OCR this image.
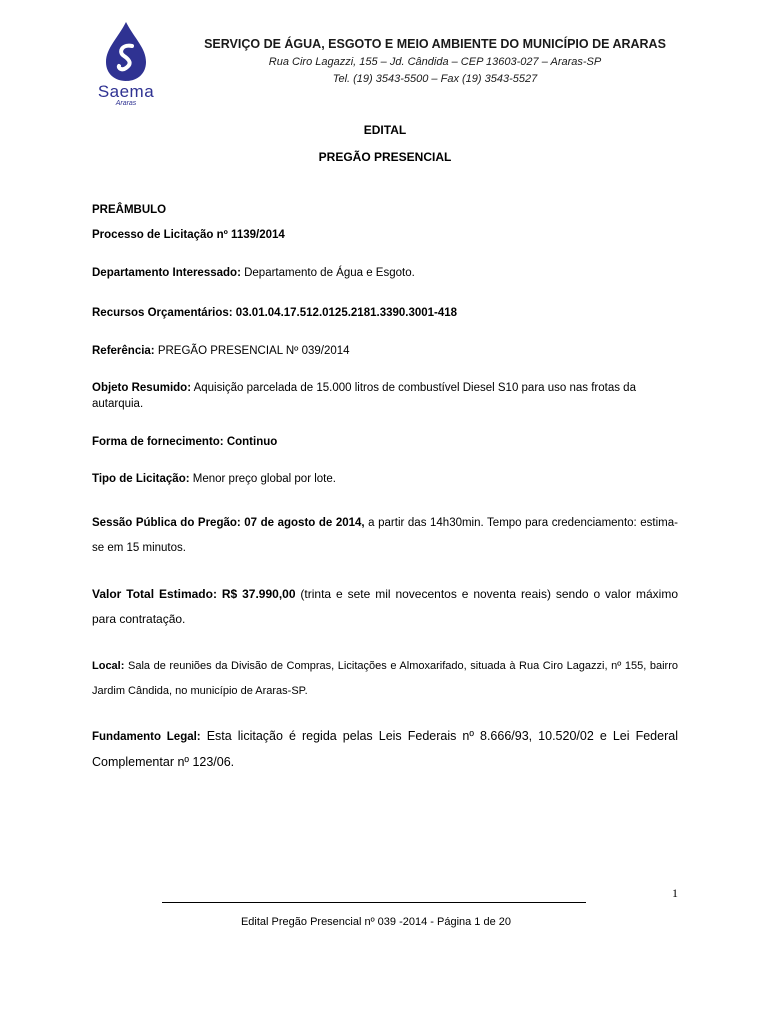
Saema
Araras
SERVIÇO DE ÁGUA, ESGOTO E MEIO AMBIENTE DO MUNICÍPIO DE ARARAS
Rua Ciro Lagazzi, 155 – Jd. Cândida – CEP 13603-027 – Araras-SP
Tel. (19) 3543-5500 – Fax (19) 3543-5527
EDITAL
PREGÃO PRESENCIAL
PREÂMBULO
Processo de Licitação nº 1139/2014
Departamento Interessado: Departamento de Água e Esgoto.
Recursos Orçamentários: 03.01.04.17.512.0125.2181.3390.3001-418
Referência: PREGÃO PRESENCIAL Nº 039/2014
Objeto Resumido: Aquisição parcelada de 15.000 litros de combustível Diesel S10 para uso nas frotas da autarquia.
Forma de fornecimento: Continuo
Tipo de Licitação: Menor preço global por lote.
Sessão Pública do Pregão: 07 de agosto de 2014, a partir das 14h30min. Tempo para credenciamento: estima-se em 15 minutos.
Valor Total Estimado: R$ 37.990,00 (trinta e sete mil novecentos e noventa reais) sendo o valor máximo para contratação.
Local: Sala de reuniões da Divisão de Compras, Licitações e Almoxarifado, situada à Rua Ciro Lagazzi, nº 155, bairro Jardim Cândida, no município de Araras-SP.
Fundamento Legal: Esta licitação é regida pelas Leis Federais nº 8.666/93, 10.520/02 e Lei Federal Complementar nº 123/06.
1
Edital Pregão Presencial nº 039 -2014 - Página 1 de 20
